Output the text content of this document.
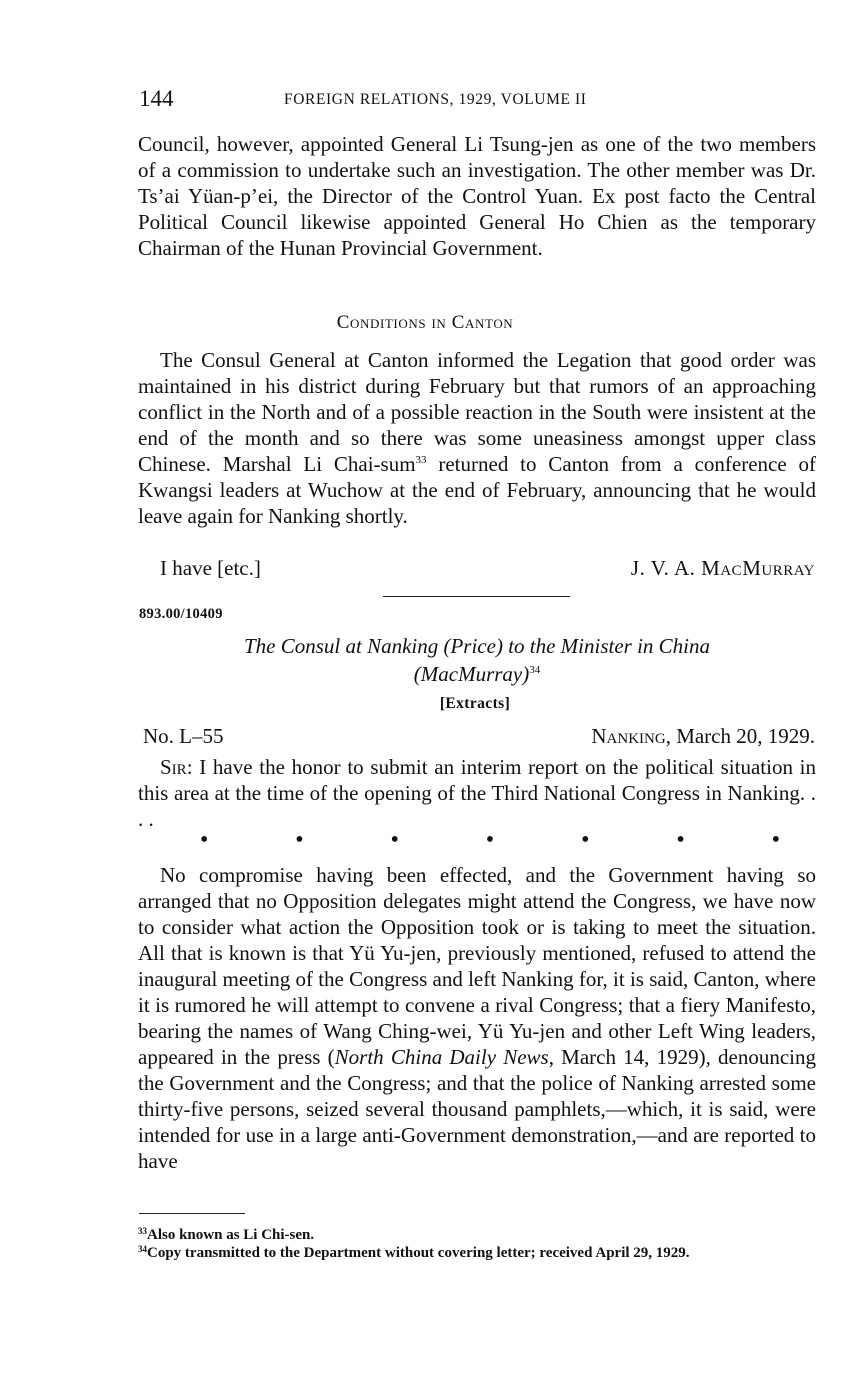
144	FOREIGN RELATIONS, 1929, VOLUME II

Council, however, appointed General Li Tsung-jen as one of the two members of a commission to undertake such an investigation. The other member was Dr. Ts’ai Yüan-p’ei, the Director of the Control Yuan. Ex post facto the Central Political Council likewise appointed General Ho Chien as the temporary Chairman of the Hunan Provincial Government.

Conditions in Canton

The Consul General at Canton informed the Legation that good order was maintained in his district during February but that rumors of an approaching conflict in the North and of a possible reaction in the South were insistent at the end of the month and so there was some uneasiness amongst upper class Chinese. Marshal Li Chai-sum$^{33}$ returned to Canton from a conference of Kwangsi leaders at Wuchow at the end of February, announcing that he would leave again for Nanking shortly.

I have [etc.]	J. V. A. MacMurray
893.00/10409
The Consul at Nanking (Price) to the Minister in China
(MacMurray)$^{34}$
[Extracts]
No. L–55	Nanking, March 20, 1929.

Sir: I have the honor to submit an interim report on the political situation in this area at the time of the opening of the Third National Congress in Nanking. . . .

•	•	•	•	•	•	•

No compromise having been effected, and the Government having so arranged that no Opposition delegates might attend the Congress, we have now to consider what action the Opposition took or is taking to meet the situation. All that is known is that Yü Yu-jen, previously mentioned, refused to attend the inaugural meeting of the Congress and left Nanking for, it is said, Canton, where it is rumored he will attempt to convene a rival Congress; that a fiery Manifesto, bearing the names of Wang Ching-wei, Yü Yu-jen and other Left Wing leaders, appeared in the press (North China Daily News, March 14, 1929), denouncing the Government and the Congress; and that the police of Nanking arrested some thirty-five persons, seized several thousand pamphlets,—which, it is said, were intended for use in a large anti-Government demonstration,—and are reported to have

$^{33}$Also known as Li Chi-sen.

$^{34}$Copy transmitted to the Department without covering letter; received April 29, 1929.
